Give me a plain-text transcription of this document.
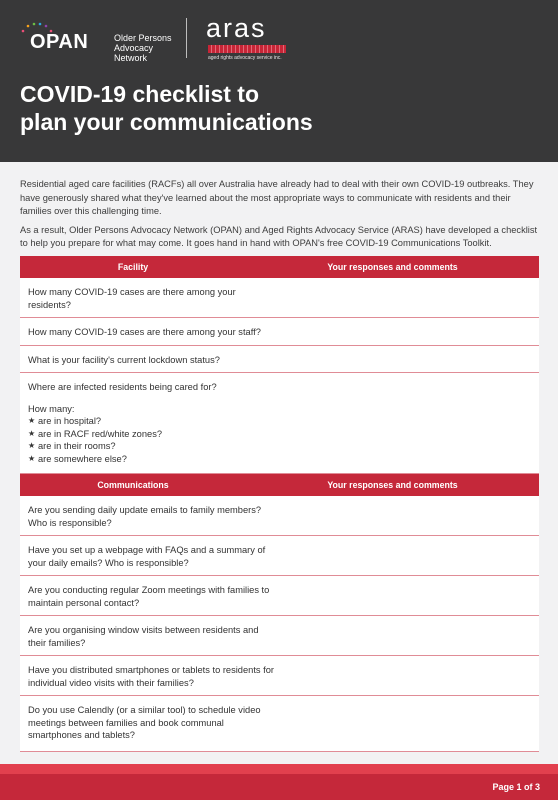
OPAN	Older Persons
Advocacy Network
aras
aged rights advocacy service inc.
COVID-19 checklist to
plan your communications

Residential aged care facilities (RACFs) all over Australia have already had to deal with their own COVID-19 outbreaks. They have generously shared what they've learned about the most appropriate ways to communicate with residents and their families over this challenging time.

As a result, Older Persons Advocacy Network (OPAN) and Aged Rights Advocacy Service (ARAS) have developed a checklist to help you prepare for what may come. It goes hand in hand with OPAN's free COVID-19 Communications Toolkit.

Facility	Your responses and comments
How many COVID-19 cases are there among your residents?
How many COVID-19 cases are there among your staff?
What is your facility's current lockdown status?
Where are infected residents being cared for?
How many:
★ are in hospital?
★ are in RACF red/white zones?
★ are in their rooms?
★ are somewhere else?
Communications	Your responses and comments
Are you sending daily update emails to family members? Who is responsible?
Have you set up a webpage with FAQs and a summary of your daily emails? Who is responsible?
Are you conducting regular Zoom meetings with families to maintain personal contact?
Are you organising window visits between residents and their families?
Have you distributed smartphones or tablets to residents for individual video visits with their families?
Do you use Calendly (or a similar tool) to schedule video meetings between families and book communal smartphones and tablets?
Page 1 of 3
